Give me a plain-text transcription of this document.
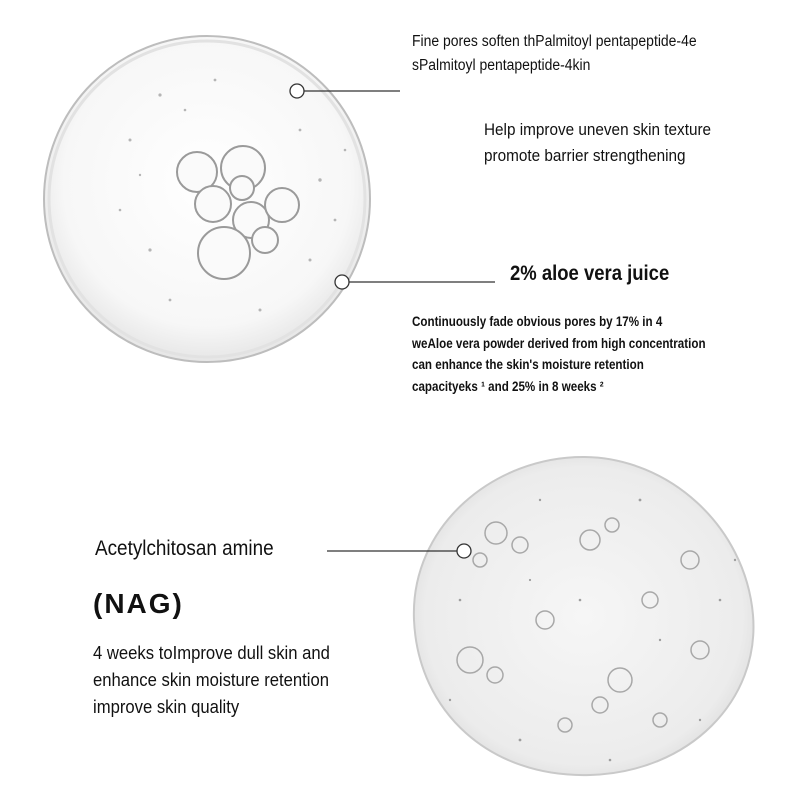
Fine pores soften thPalmitoyl pentapeptide-4e
sPalmitoyl pentapeptide-4kin
Help improve uneven skin texture
promote barrier strengthening
2% aloe vera juice
Continuously fade obvious pores by 17% in 4
weAloe vera powder derived from high concentration
can enhance the skin's moisture retention
capacityeks ¹ and 25% in 8 weeks ²
Acetylchitosan amine
(NAG)
4 weeks toImprove dull skin and
enhance skin moisture retention
improve skin quality
